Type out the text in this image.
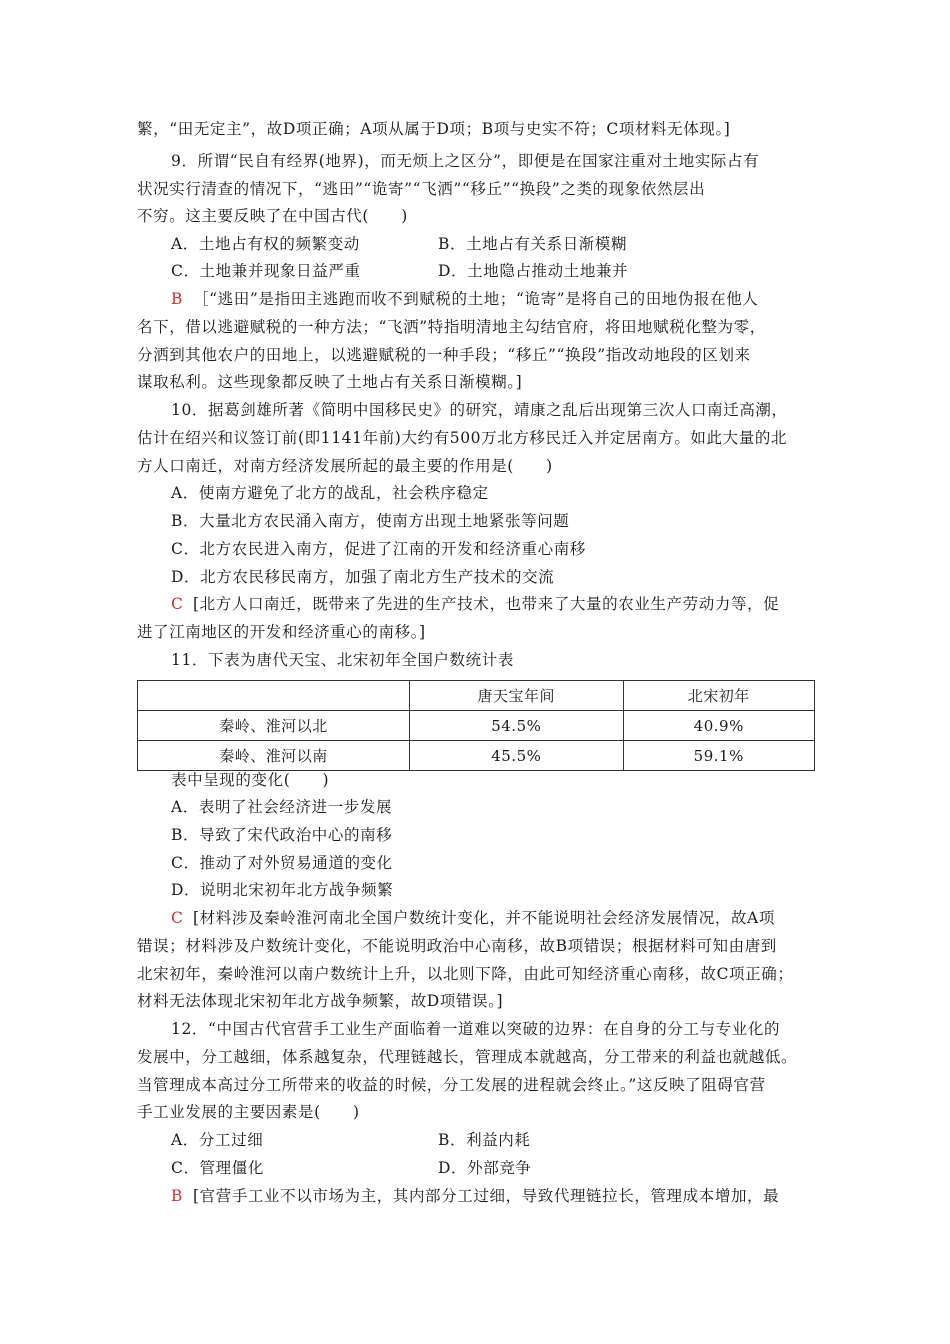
繁，“田无定主”，故D项正确；A项从属于D项；B项与史实不符；C项材料无体现。]
9．所谓“民自有经界(地界)，而无烦上之区分”，即便是在国家注重对土地实际占有
状况实行清查的情况下，“逃田”“诡寄”“飞洒”“移丘”“换段”之类的现象依然层出
不穷。这主要反映了在中国古代(　　)
A．土地占有权的频繁变动	B．土地占有关系日渐模糊
C．土地兼并现象日益严重	D．土地隐占推动土地兼并
B ［“逃田”是指田主逃跑而收不到赋税的土地；“诡寄”是将自己的田地伪报在他人
名下，借以逃避赋税的一种方法；“飞洒”特指明清地主勾结官府，将田地赋税化整为零，
分洒到其他农户的田地上，以逃避赋税的一种手段；“移丘”“换段”指改动地段的区划来
谋取私利。这些现象都反映了土地占有关系日渐模糊。]
10．据葛剑雄所著《简明中国移民史》的研究，靖康之乱后出现第三次人口南迁高潮，
估计在绍兴和议签订前(即1141年前)大约有500万北方移民迁入并定居南方。如此大量的北
方人口南迁，对南方经济发展所起的最主要的作用是(　　)
A．使南方避免了北方的战乱，社会秩序稳定
B．大量北方农民涌入南方，使南方出现土地紧张等问题
C．北方农民进入南方，促进了江南的开发和经济重心南移
D．北方农民移民南方，加强了南北方生产技术的交流
C [北方人口南迁，既带来了先进的生产技术，也带来了大量的农业生产劳动力等，促
进了江南地区的开发和经济重心的南移。]
11．下表为唐代天宝、北宋初年全国户数统计表
	唐天宝年间	北宋初年
秦岭、淮河以北	54.5%	40.9%
秦岭、淮河以南	45.5%	59.1%
表中呈现的变化(　　)
A．表明了社会经济进一步发展
B．导致了宋代政治中心的南移
C．推动了对外贸易通道的变化
D．说明北宋初年北方战争频繁
C [材料涉及秦岭淮河南北全国户数统计变化，并不能说明社会经济发展情况，故A项
错误；材料涉及户数统计变化，不能说明政治中心南移，故B项错误；根据材料可知由唐到
北宋初年，秦岭淮河以南户数统计上升，以北则下降，由此可知经济重心南移，故C项正确；
材料无法体现北宋初年北方战争频繁，故D项错误。]
12．“中国古代官营手工业生产面临着一道难以突破的边界：在自身的分工与专业化的
发展中，分工越细，体系越复杂，代理链越长，管理成本就越高，分工带来的利益也就越低。
当管理成本高过分工所带来的收益的时候，分工发展的进程就会终止。”这反映了阻碍官营
手工业发展的主要因素是(　　)
A．分工过细	B．利益内耗
C．管理僵化	D．外部竞争
B [官营手工业不以市场为主，其内部分工过细，导致代理链拉长，管理成本增加，最
